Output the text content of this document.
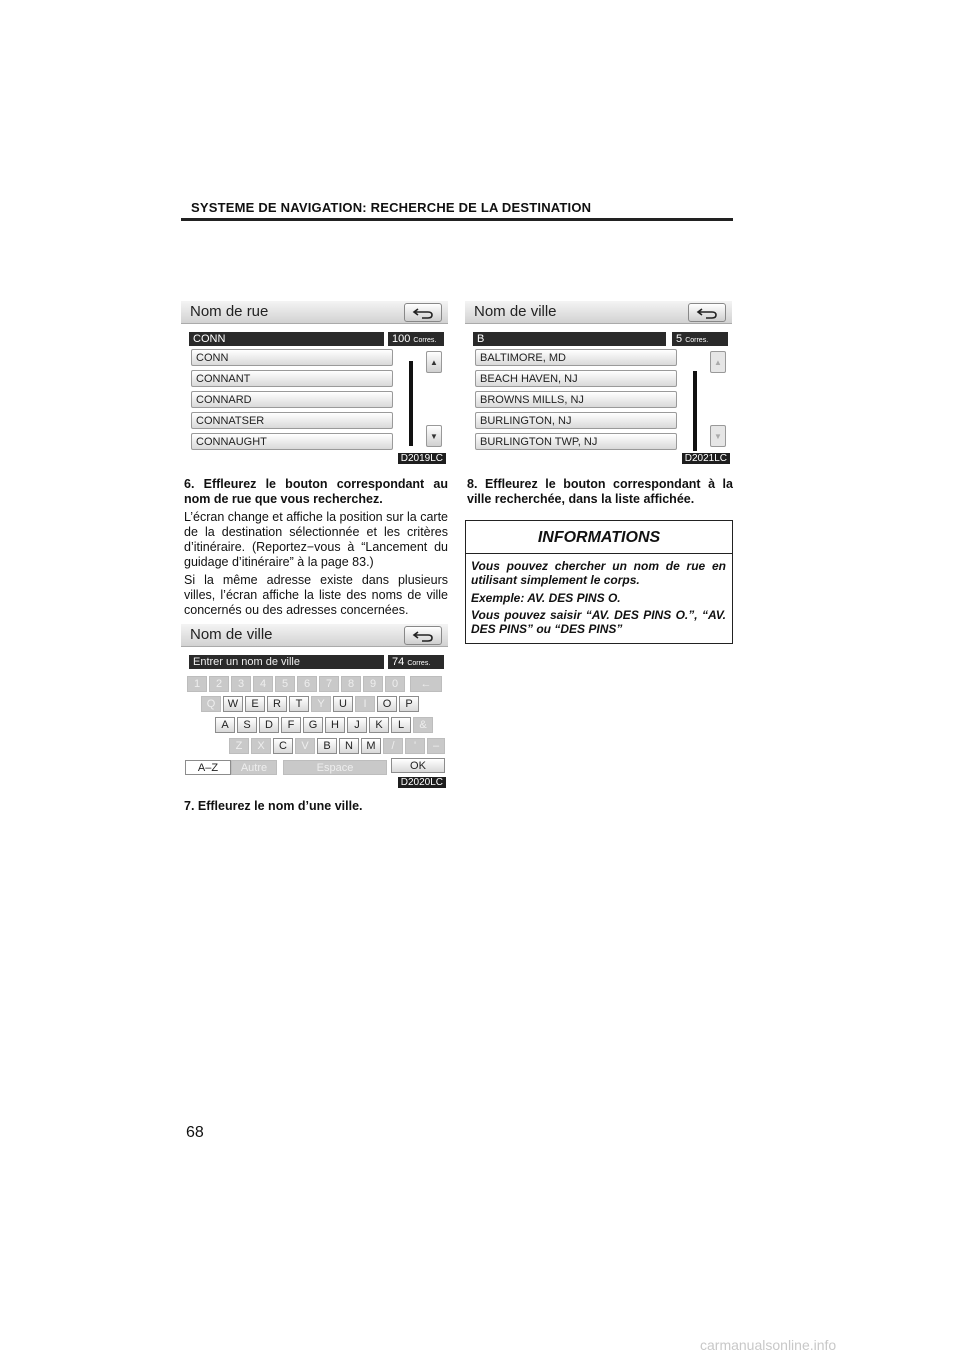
SYSTEME DE NAVIGATION: RECHERCHE DE LA DESTINATION
Nom de rue
CONN	100 Corres.
CONN
CONNANT
CONNARD
CONNATSER
CONNAUGHT
▲
▼
D2019LC
Nom de ville
B	5 Corres.
BALTIMORE, MD
BEACH HAVEN, NJ
BROWNS MILLS, NJ
BURLINGTON, NJ
BURLINGTON TWP, NJ
▲
▼
D2021LC
Nom de ville
Entrer un nom de ville	74 Corres.
1	2	3	4	5	6	7	8	9	0	←
Q	W	E	R	T	Y	U	I	O	P
A	S	D	F	G	H	J	K	L	&
Z	X	C	V	B	N	M	/	'	–
A–Z	Autre	Espace	OK
D2020LC
6. Effleurez le bouton correspondant au nom de rue que vous recherchez.
L’écran change et affiche la position sur la carte de la destination sélectionnée et les critères d’itinéraire. (Reportez−vous à “Lancement du guidage d’itinéraire” à la page 83.)
Si la même adresse existe dans plusieurs villes, l’écran affiche la liste des noms de ville concernés ou des adresses concernées.
7. Effleurez le nom d’une ville.
8. Effleurez le bouton correspondant à la ville recherchée, dans la liste affichée.
INFORMATIONS
Vous pouvez chercher un nom de rue en utilisant simplement le corps.
Exemple: AV. DES PINS O.
Vous pouvez saisir “AV. DES PINS O.”, “AV. DES PINS” ou “DES PINS”
68
carmanualsonline.info
